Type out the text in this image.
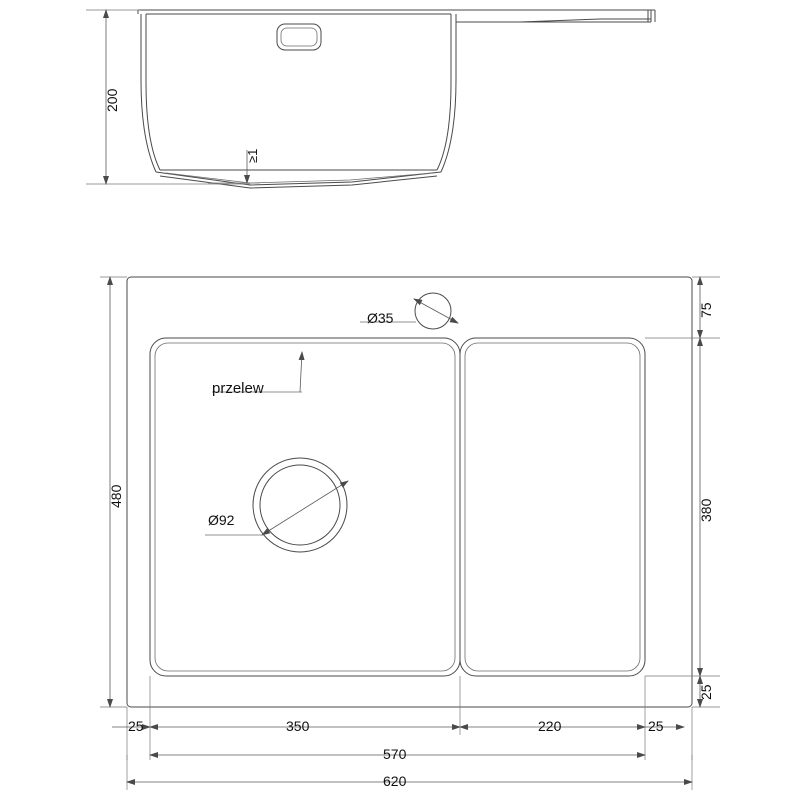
200
≥1
Ø35
Ø92
przelew
480
75
380
25
25	350	220	25
570
620
